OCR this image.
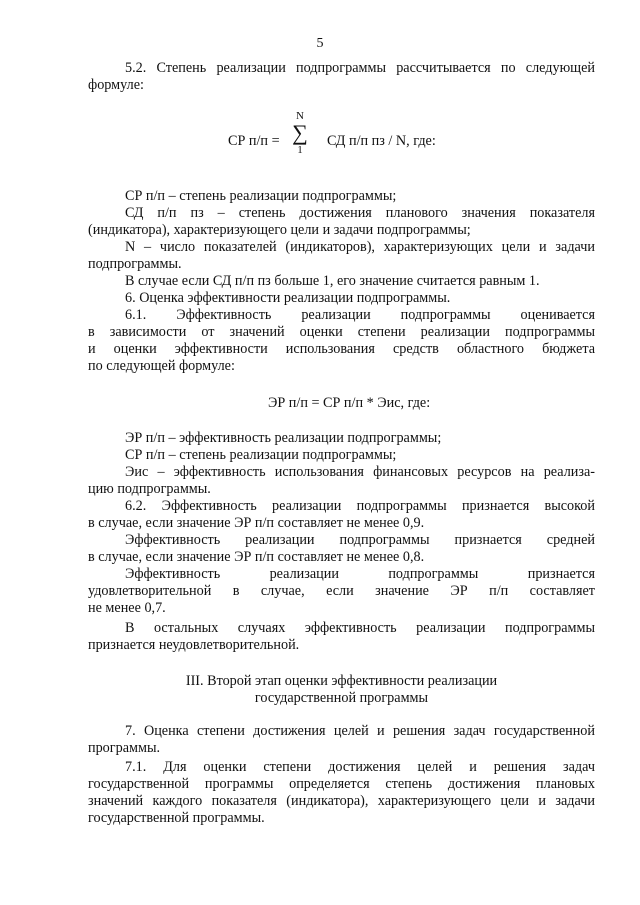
5
5.2. Степень реализации подпрограммы рассчитывается по следующей
формуле:
СР п/п =
N
∑
1
СД п/п пз / N, где:
СР п/п – степень реализации подпрограммы;
СД п/п пз – степень достижения планового значения показателя
(индикатора), характеризующего цели и задачи подпрограммы;
N – число показателей (индикаторов), характеризующих цели и задачи
подпрограммы.
В случае если СД п/п пз больше 1, его значение считается равным 1.
6. Оценка эффективности реализации подпрограммы.
6.1. Эффективность реализации подпрограммы оценивается
в зависимости от значений оценки степени реализации подпрограммы
и оценки эффективности использования средств областного бюджета
по следующей формуле:
ЭР п/п = СР п/п * Эис, где:
ЭР п/п – эффективность реализации подпрограммы;
СР п/п – степень реализации подпрограммы;
Эис – эффективность использования финансовых ресурсов на реализа-
цию подпрограммы.
6.2. Эффективность реализации подпрограммы признается высокой
в случае, если значение ЭР п/п составляет не менее 0,9.
Эффективность реализации подпрограммы признается средней
в случае, если значение ЭР п/п составляет не менее 0,8.
Эффективность реализации подпрограммы признается
удовлетворительной в случае, если значение ЭР п/п составляет
не менее 0,7.
В остальных случаях эффективность реализации подпрограммы
признается неудовлетворительной.
III. Второй этап оценки эффективности реализации
государственной программы
7. Оценка степени достижения целей и решения задач государственной
программы.
7.1. Для оценки степени достижения целей и решения задач
государственной программы определяется степень достижения плановых
значений каждого показателя (индикатора), характеризующего цели и задачи
государственной программы.
